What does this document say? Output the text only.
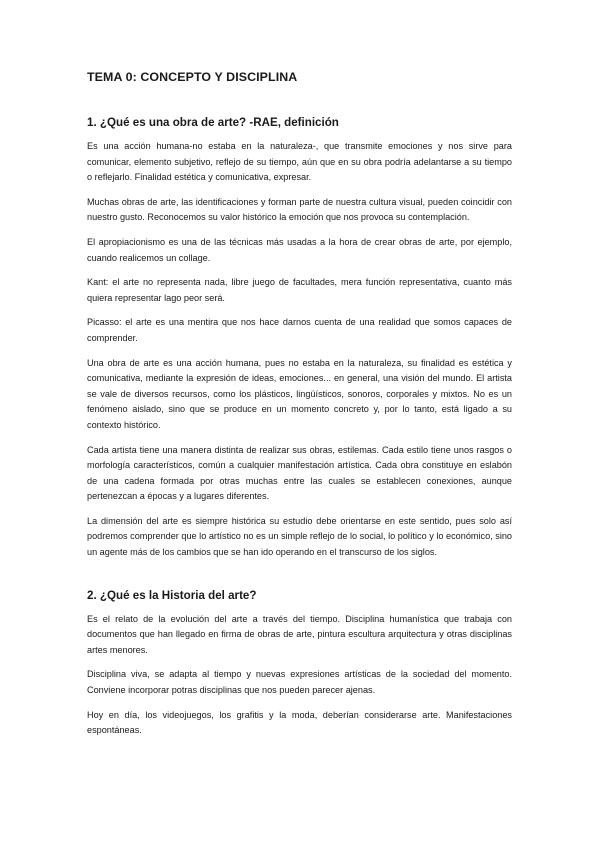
TEMA 0: CONCEPTO Y DISCIPLINA
1. ¿Qué es una obra de arte? -RAE, definición

Es una acción humana-no estaba en la naturaleza-, que transmite emociones y nos sirve para comunicar, elemento subjetivo, reflejo de su tiempo, aún que en su obra podría adelantarse a su tiempo o reflejarlo. Finalidad estética y comunicativa, expresar.

Muchas obras de arte, las identificaciones y forman parte de nuestra cultura visual, pueden coincidir con nuestro gusto. Reconocemos su valor histórico la emoción que nos provoca su contemplación.

El apropiacionismo es una de las técnicas más usadas a la hora de crear obras de arte, por ejemplo, cuando realicemos un collage.

Kant: el arte no representa nada, libre juego de facultades, mera función representativa, cuanto más quiera representar lago peor será.

Picasso: el arte es una mentira que nos hace darnos cuenta de una realidad que somos capaces de comprender.

Una obra de arte es una acción humana, pues no estaba en la naturaleza, su finalidad es estética y comunicativa, mediante la expresión de ideas, emociones... en general, una visión del mundo. El artista se vale de diversos recursos, como los plásticos, lingüísticos, sonoros, corporales y mixtos. No es un fenómeno aislado, sino que se produce en un momento concreto y, por lo tanto, está ligado a su contexto histórico.

Cada artista tiene una manera distinta de realizar sus obras, estilemas. Cada estilo tiene unos rasgos o morfología característicos, común a cualquier manifestación artística. Cada obra constituye en eslabón de una cadena formada por otras muchas entre las cuales se establecen conexiones, aunque pertenezcan a épocas y a lugares diferentes.

La dimensión del arte es siempre histórica su estudio debe orientarse en este sentido, pues solo así podremos comprender que lo artístico no es un simple reflejo de lo social, lo político y lo económico, sino un agente más de los cambios que se han ido operando en el transcurso de los siglos.

2. ¿Qué es la Historia del arte?

Es el relato de la evolución del arte a través del tiempo. Disciplina humanística que trabaja con documentos que han llegado en firma de obras de arte, pintura escultura arquitectura y otras disciplinas artes menores.

Disciplina viva, se adapta al tiempo y nuevas expresiones artísticas de la sociedad del momento. Conviene incorporar potras disciplinas que nos pueden parecer ajenas.

Hoy en día, los videojuegos, los grafitis y la moda, deberían considerarse arte. Manifestaciones espontáneas.
